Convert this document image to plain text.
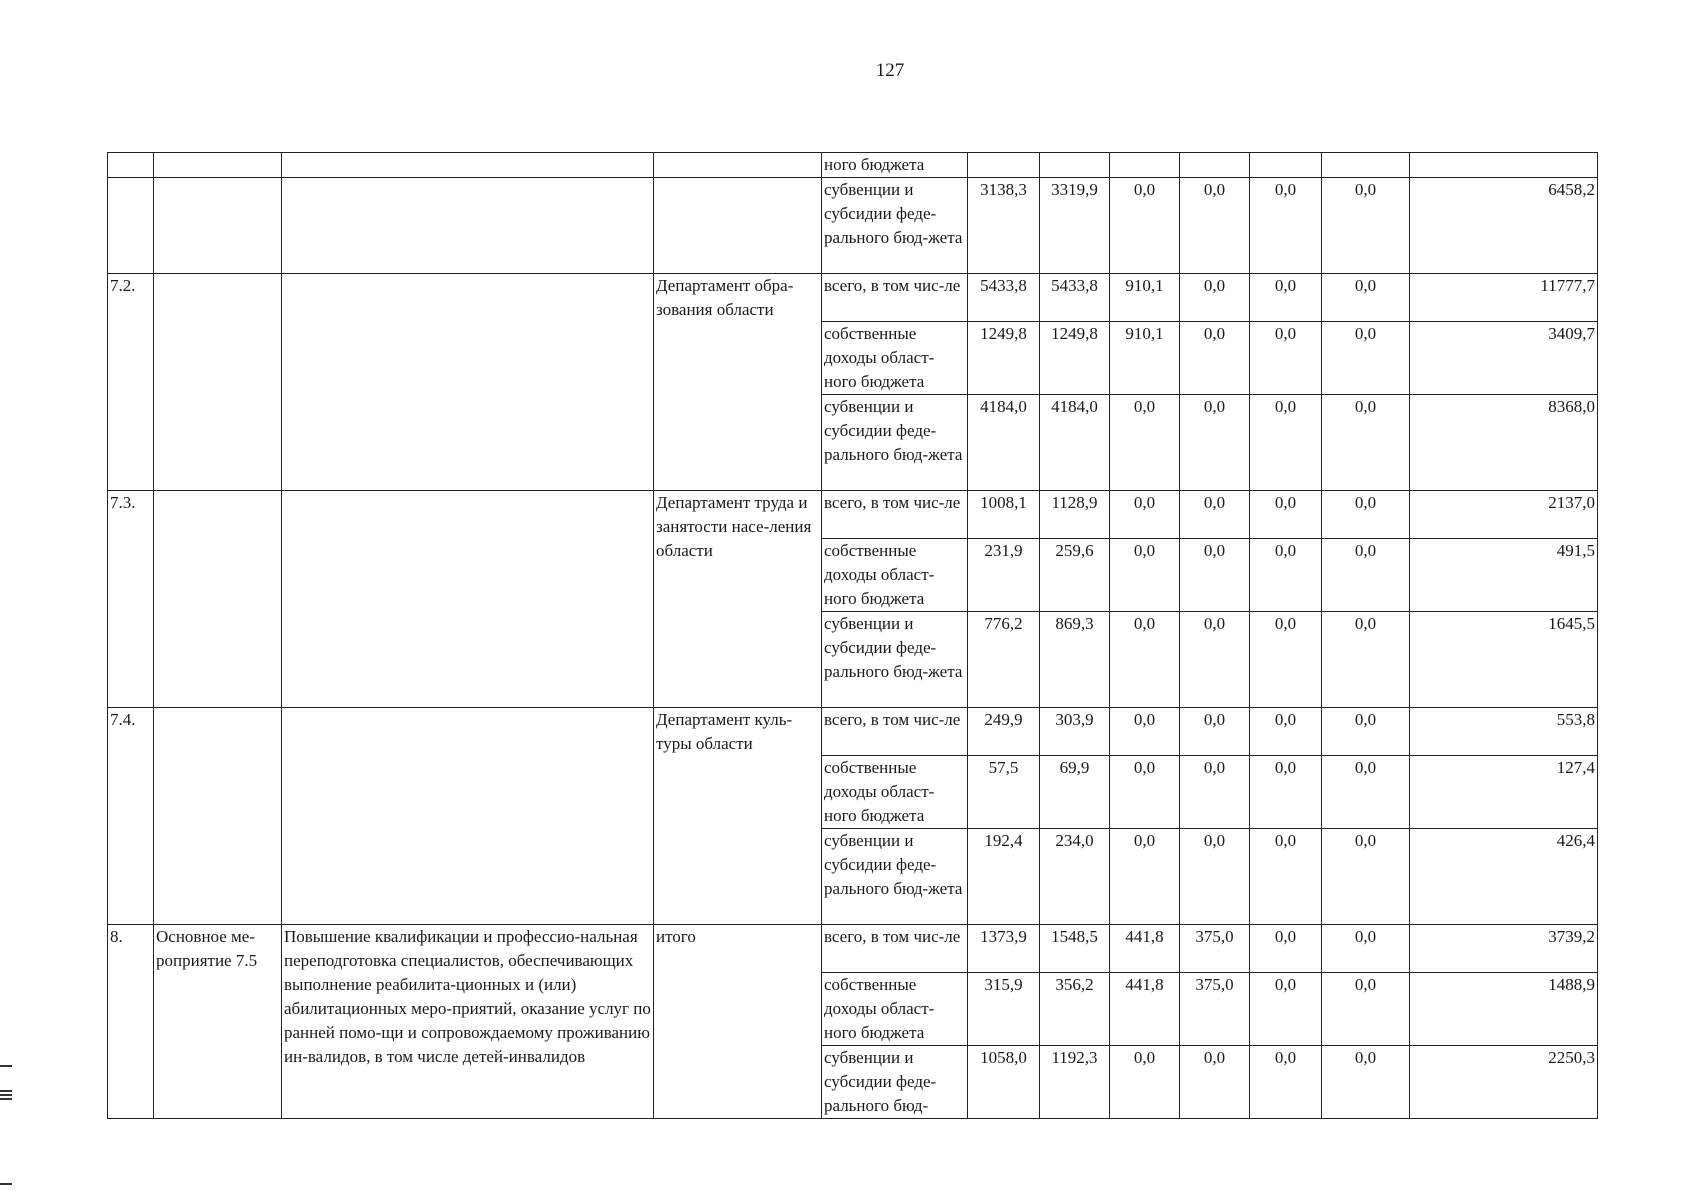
127
				ного бюджета							
				субвенции и субсидии феде-рального бюд-жета	3138,3	3319,9	0,0	0,0	0,0	0,0	6458,2
7.2.			Департамент обра-зования области	всего, в том чис-ле	5433,8	5433,8	910,1	0,0	0,0	0,0	11777,7
				собственные доходы област-ного бюджета	1249,8	1249,8	910,1	0,0	0,0	0,0	3409,7
				субвенции и субсидии феде-рального бюд-жета	4184,0	4184,0	0,0	0,0	0,0	0,0	8368,0
7.3.			Департамент труда и занятости насе-ления области	всего, в том чис-ле	1008,1	1128,9	0,0	0,0	0,0	0,0	2137,0
				собственные доходы област-ного бюджета	231,9	259,6	0,0	0,0	0,0	0,0	491,5
				субвенции и субсидии феде-рального бюд-жета	776,2	869,3	0,0	0,0	0,0	0,0	1645,5
7.4.			Департамент куль-туры области	всего, в том чис-ле	249,9	303,9	0,0	0,0	0,0	0,0	553,8
				собственные доходы област-ного бюджета	57,5	69,9	0,0	0,0	0,0	0,0	127,4
				субвенции и субсидии феде-рального бюд-жета	192,4	234,0	0,0	0,0	0,0	0,0	426,4
8.	Основное ме-роприятие 7.5	Повышение квалификации и профессио-нальная переподготовка специалистов, обеспечивающих выполнение реабилита-ционных и (или) абилитационных меро-приятий, оказание услуг по ранней помо-щи и сопровождаемому проживанию ин-валидов, в том числе детей-инвалидов	итого	всего, в том чис-ле	1373,9	1548,5	441,8	375,0	0,0	0,0	3739,2
				собственные доходы област-ного бюджета	315,9	356,2	441,8	375,0	0,0	0,0	1488,9
				субвенции и субсидии феде-рального бюд-	1058,0	1192,3	0,0	0,0	0,0	0,0	2250,3
